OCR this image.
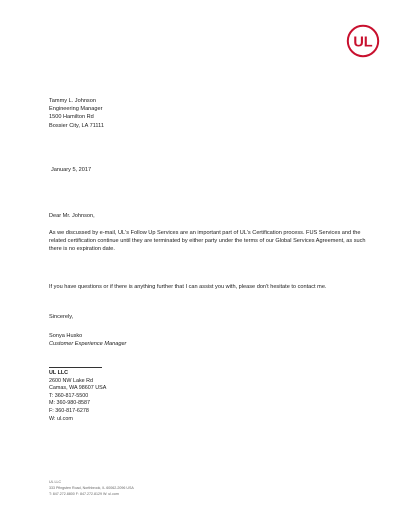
UL
Tammy L. Johnson
Engineering Manager
1500 Hamilton Rd
Bossier City, LA 71111
January 5, 2017
Dear Mr. Johnson,
As we discussed by e-mail, UL's Follow Up Services are an important part of UL's Certification process. FUS Services and the related certification continue until they are terminated by either party under the terms of our Global Services Agreement, as such there is no expiration date.
If you have questions or if there is anything further that I can assist you with, please don't hesitate to contact me.
Sincerely,
Sonya Husko
Customer Experience Manager
UL LLC
2600 NW Lake Rd
Camas, WA 98607 USA
T: 360-817-5500
M: 360-980-8587
F: 360-817-6278
W: ul.com
UL LLC
333 Pfingsten Road, Northbrook, IL 60062-2096 USA
T: 847.272.8800 F: 847.272.8129 W: ul.com
